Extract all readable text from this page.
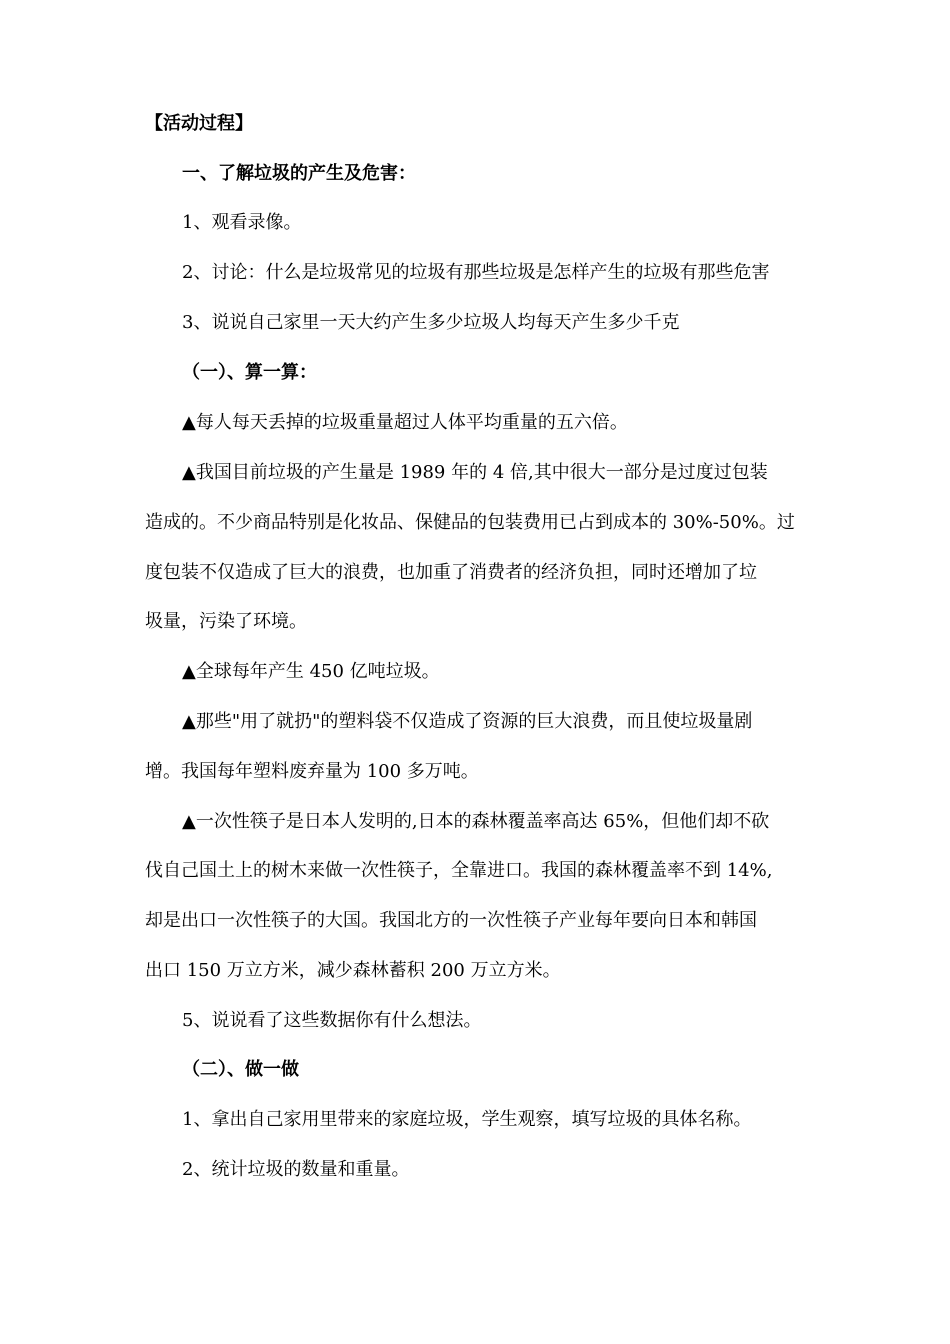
【活动过程】
一、了解垃圾的产生及危害：
1、观看录像。
2、讨论：什么是垃圾常见的垃圾有那些垃圾是怎样产生的垃圾有那些危害
3、说说自己家里一天大约产生多少垃圾人均每天产生多少千克
（一）、算一算：
▲每人每天丢掉的垃圾重量超过人体平均重量的五六倍。
▲我国目前垃圾的产生量是 1989 年的 4 倍,其中很大一部分是过度过包装
造成的。不少商品特别是化妆品、保健品的包装费用已占到成本的 30%-50%。过
度包装不仅造成了巨大的浪费，也加重了消费者的经济负担，同时还增加了垃
圾量，污染了环境。
▲全球每年产生 450 亿吨垃圾。
▲那些"用了就扔"的塑料袋不仅造成了资源的巨大浪费，而且使垃圾量剧
增。我国每年塑料废弃量为 100 多万吨。
▲一次性筷子是日本人发明的,日本的森林覆盖率高达 65%，但他们却不砍
伐自己国土上的树木来做一次性筷子，全靠进口。我国的森林覆盖率不到 14%,
却是出口一次性筷子的大国。我国北方的一次性筷子产业每年要向日本和韩国
出口 150 万立方米，减少森林蓄积 200 万立方米。
5、说说看了这些数据你有什么想法。
（二）、做一做
1、拿出自己家用里带来的家庭垃圾，学生观察，填写垃圾的具体名称。
2、统计垃圾的数量和重量。
